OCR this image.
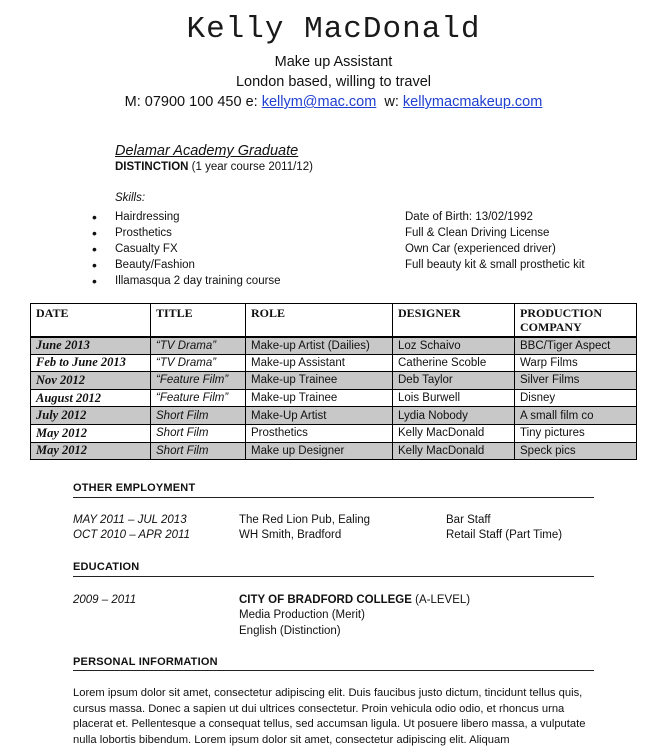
Kelly MacDonald
Make up Assistant
London based, willing to travel
M: 07900 100 450 e: kellym@mac.com w: kellymacmakeup.com
Delamar Academy Graduate
DISTINCTION (1 year course 2011/12)
Skills:
• Hairdressing
• Prosthetics
• Casualty FX
• Beauty/Fashion
• Illamasqua 2 day training course
Date of Birth: 13/02/1992
Full & Clean Driving License
Own Car (experienced driver)
Full beauty kit & small prosthetic kit
DATE	TITLE	ROLE	DESIGNER	PRODUCTION COMPANY
June 2013	“TV Drama”	Make-up Artist (Dailies)	Loz Schaivo	BBC/Tiger Aspect
Feb to June 2013	“TV Drama”	Make-up Assistant	Catherine Scoble	Warp Films
Nov 2012	“Feature Film”	Make-up Trainee	Deb Taylor	Silver Films
August 2012	“Feature Film”	Make-up Trainee	Lois Burwell	Disney
July 2012	Short Film	Make-Up Artist	Lydia Nobody	A small film co
May 2012	Short Film	Prosthetics	Kelly MacDonald	Tiny pictures
May 2012	Short Film	Make up Designer	Kelly MacDonald	Speck pics
OTHER EMPLOYMENT
MAY 2011 – JUL 2013	The Red Lion Pub, Ealing	Bar Staff
OCT 2010 – APR 2011	WH Smith, Bradford	Retail Staff (Part Time)
EDUCATION
2009 – 2011	CITY OF BRADFORD COLLEGE (A-LEVEL)
Media Production (Merit)
English (Distinction)
PERSONAL INFORMATION
Lorem ipsum dolor sit amet, consectetur adipiscing elit. Duis faucibus justo dictum, tincidunt tellus quis, cursus massa. Donec a sapien ut dui ultrices consectetur. Proin vehicula odio odio, et rhoncus urna placerat et. Pellentesque a consequat tellus, sed accumsan ligula. Ut posuere libero massa, a vulputate nulla lobortis bibendum. Lorem ipsum dolor sit amet, consectetur adipiscing elit. Aliquam
